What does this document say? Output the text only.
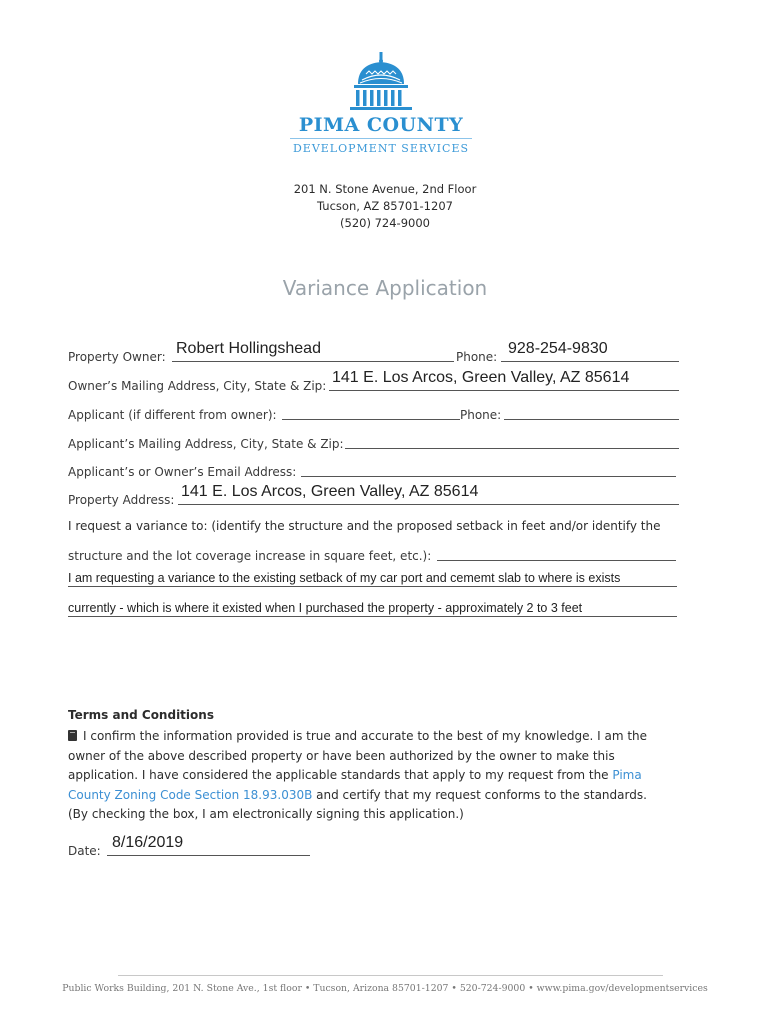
PIMA COUNTY
DEVELOPMENT SERVICES
201 N. Stone Avenue, 2nd Floor
Tucson, AZ 85701-1207
(520) 724-9000
Variance Application
Property Owner: Robert Hollingshead	Phone: 928-254-9830
Owner’s Mailing Address, City, State & Zip: 141 E. Los Arcos, Green Valley, AZ 85614
Applicant (if different from owner):	Phone:
Applicant’s Mailing Address, City, State & Zip:
Applicant’s or Owner’s Email Address:
Property Address: 141 E. Los Arcos, Green Valley, AZ 85614
I request a variance to: (identify the structure and the proposed setback in feet and/or identify the
structure and the lot coverage increase in square feet, etc.):
I am requesting a variance to the existing setback of my car port and cememt slab to where is exists
currently - which is where it existed when I purchased the property - approximately 2 to 3 feet
Terms and Conditions
I confirm the information provided is true and accurate to the best of my knowledge. I am the
owner of the above described property or have been authorized by the owner to make this
application. I have considered the applicable standards that apply to my request from the Pima
County Zoning Code Section 18.93.030B and certify that my request conforms to the standards.
(By checking the box, I am electronically signing this application.)
Date: 8/16/2019
Public Works Building, 201 N. Stone Ave., 1st floor • Tucson, Arizona 85701-1207 • 520-724-9000 • www.pima.gov/developmentservices
